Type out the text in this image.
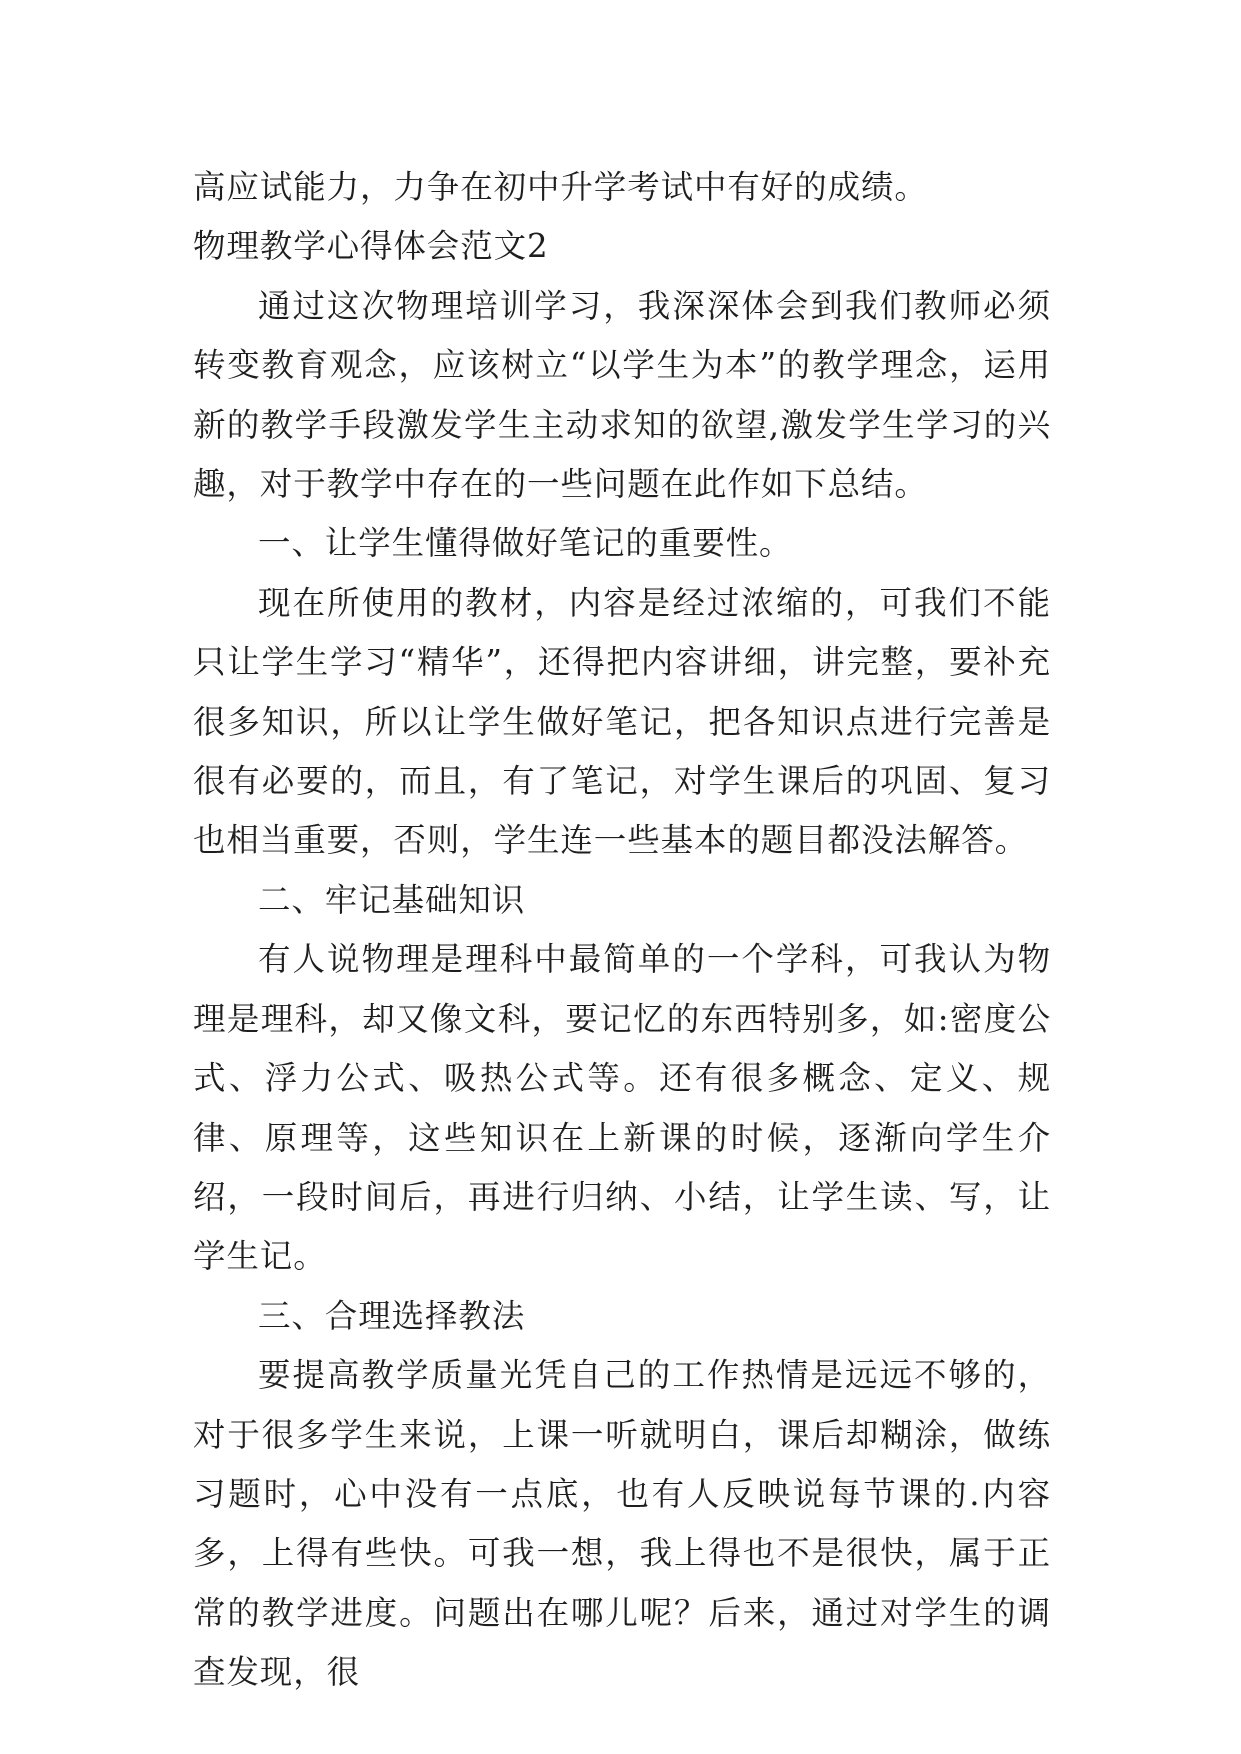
高应试能力，力争在初中升学考试中有好的成绩。

物理教学心得体会范文2

通过这次物理培训学习，我深深体会到我们教师必须转变教育观念，应该树立“以学生为本”的教学理念，运用新的教学手段激发学生主动求知的欲望,激发学生学习的兴趣，对于教学中存在的一些问题在此作如下总结。

一、让学生懂得做好笔记的重要性。

现在所使用的教材，内容是经过浓缩的，可我们不能只让学生学习“精华”，还得把内容讲细，讲完整，要补充很多知识，所以让学生做好笔记，把各知识点进行完善是很有必要的，而且，有了笔记，对学生课后的巩固、复习也相当重要，否则，学生连一些基本的题目都没法解答。

二、牢记基础知识

有人说物理是理科中最简单的一个学科，可我认为物理是理科，却又像文科，要记忆的东西特别多，如:密度公式、浮力公式、吸热公式等。还有很多概念、定义、规律、原理等，这些知识在上新课的时候，逐渐向学生介绍，一段时间后，再进行归纳、小结，让学生读、写，让学生记。

三、合理选择教法

要提高教学质量光凭自己的工作热情是远远不够的，对于很多学生来说，上课一听就明白，课后却糊涂，做练习题时，心中没有一点底，也有人反映说每节课的.内容多，上得有些快。可我一想，我上得也不是很快，属于正常的教学进度。问题出在哪儿呢？后来，通过对学生的调查发现，很
